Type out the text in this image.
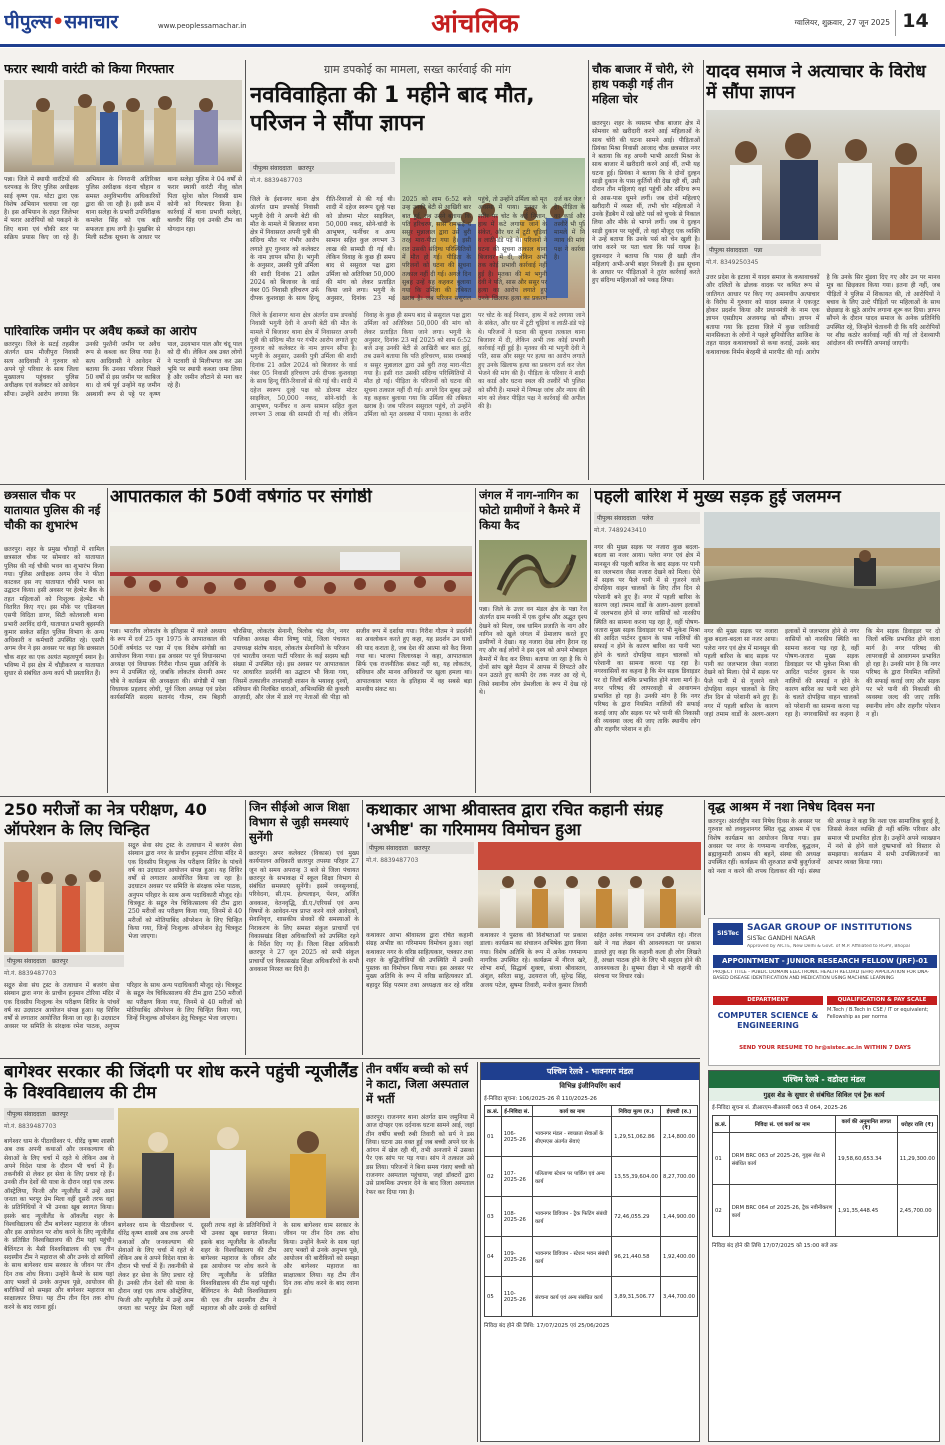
पीपुल्स•समाचार	www.peoplessamachar.in	आंचलिक	ग्वालियर, शुक्रवार, 27 जून 2025 14
फरार स्थायी वारंटी को किया गिरफ्तार
पन्ना। जिले में स्थायी वारंटियों की धरपकड़ के लिए पुलिस अधीक्षक साई कृष्ण एस. थोटा द्वारा एक विशेष अभियान चलाया जा रहा है। इस अभियान के तहत जिलेभर में फरार आरोपियों को पकड़ने के लिए थाना एवं चौकी स्तर पर सक्रिय प्रयास किए जा रहे हैं। अभियान के निगरानी अतिरिक्त पुलिस अधीक्षक वंदना चौहान व समस्त अनुविभागीय अधिकारियों द्वारा की जा रही है। इसी क्रम में थाना सलेहा के प्रभारी उपनिरीक्षक कमलेश सिंह को एक बड़ी सफलता हाथ लगी है। मुखबिर से मिली सटीक सूचना के आधार पर थाना सलेहा पुलिस ने 04 वर्षों से फरार स्थायी वारंटी नीलू कोल पिता सुरेश कोल निवासी ग्राम कोनी को गिरफ्तार किया है। कार्रवाई में थाना प्रभारी सलेहा, बलवीर सिंह एवं उनकी टीम का योगदान रहा।
पारिवारिक जमीन पर अवैध कब्जे का आरोप
छतरपुर। जिले के सटई तहसील अंतर्गत ग्राम मौजीपुरा निवासी सत्य आदिवासी ने गुरुवार को अपने पूरे परिवार के साथ जिला मुख्यालय पहुंचकर पुलिस अधीक्षक एवं कलेक्टर को आवेदन सौंपा। उन्होंने आरोप लगाया कि उनकी पुश्तैनी जमीन पर अवैध रूप से कब्जा कर लिया गया है। सत्य आदिवासी ने आवेदन में बताया कि उनका परिवार पिछले 50 वर्षों से इस जमीन पर काबिज था। दो वर्ष पूर्व उन्होंने यह जमीन अस्थायी रूप से पट्टे पर कृष्ण पाल, उदयभान पाल और चंदू पाल को दी थी। लेकिन अब उक्त लोगों ने पटवारी से मिलीभगत कर उस भूमि पर स्थायी कब्जा जमा लिया है और जमीन लौटाने से मना कर रहे हैं।
ग्राम डपकोई का मामला, सख्त कार्रवाई की मांग
नवविवाहिता की 1 महीने बाद मौत, परिजन ने सौंपा ज्ञापन
पीपुल्स संवाददाता छतरपुर
मो.नं. 8839487703
जिले के ईशानगर थाना क्षेत्र अंतर्गत ग्राम डपकोई निवासी भगुनी देवी ने अपनी बेटी की मौत के मामले में बिजावर थाना क्षेत्र में निवासरत अपनी पुत्री की संदिग्ध मौत पर गंभीर आरोप लगाते हुए गुरुवार को कलेक्टर के नाम ज्ञापन सौंपा है। भगुनी के अनुसार, उसकी पुत्री उर्मिला की शादी दिनांक 21 अप्रैल 2024 को बिजावर के वार्ड नंबर 05 निवासी हरिचरण उर्फ दीपक कुशवाहा के साथ हिन्दू रीति-रिवाजों से की गई थी। शादी में दहेज स्वरूप दूल्हे पक्ष को डोलमा मोटर साइकिल, 50,000 नकद, सोने-चांदी के आभूषण, फर्नीचर व अन्य सामान सहित कुल लगभग 3 लाख की सामग्री दी गई थी। लेकिन विवाह के कुछ ही समय बाद से ससुराल पक्ष द्वारा उर्मिला को अतिरिक्त 50,000 की मांग को लेकर प्रताड़ित किया जाने लगा। भगुनी के अनुसार, दिनांक 23 मई
जिले के ईशानगर थाना क्षेत्र अंतर्गत ग्राम डपकोई निवासी भगुनी देवी ने अपनी बेटी की मौत के मामले में बिजावर थाना क्षेत्र में निवासरत अपनी पुत्री की संदिग्ध मौत पर गंभीर आरोप लगाते हुए गुरुवार को कलेक्टर के नाम ज्ञापन सौंपा है। भगुनी के अनुसार, उसकी पुत्री उर्मिला की शादी दिनांक 21 अप्रैल 2024 को बिजावर के वार्ड नंबर 05 निवासी हरिचरण उर्फ दीपक कुशवाहा के साथ हिन्दू रीति-रिवाजों से की गई थी। शादी में दहेज स्वरूप दूल्हे पक्ष को डोलमा मोटर साइकिल, 50,000 नकद, सोने-चांदी के आभूषण, फर्नीचर व अन्य सामान सहित कुल लगभग 3 लाख की सामग्री दी गई थी। लेकिन विवाह के कुछ ही समय बाद से ससुराल पक्ष द्वारा उर्मिला को अतिरिक्त 50,000 की मांग को लेकर प्रताड़ित किया जाने लगा। भगुनी के अनुसार, दिनांक 23 मई 2025 को शाम 6:52 बजे उन्ह उनकी बेटी से आखिरी बार बात हुई, तब उसने बताया कि पति हरिचरण, सास रामबाई व ससुर मुन्नालाल द्वारा उसे बुरी तरह मारा-पीटा गया है। इसी रात उसकी संदिग्ध परिस्थितियों में मौत हो गई। पीड़िता के परिजनों को घटना की सूचना तत्काल नहीं दी गई। अगले दिन सुबह उन्हें यह कहकर बुलाया गया कि उर्मिला की तबियत खराब है। जब परिजन ससुराल पहुंचे, तो उन्होंने उर्मिला को मृत अवस्था में पाया। मृतका के शरीर पर चोट के कई निशान, हाथ में कटे लगाया जाने के संकेत, और घर में टूटी चूड़ियां व लाठी-डंडे पड़े थे। परिजनों ने घटना की सूचना तत्काल थाना बिजावर में दी, लेकिन अभी तक कोई प्रभावी कार्रवाई नहीं हुई है। मृतका की मां भगुनी देवी ने पति, सास और ससुर पर हत्या का आरोप लगाते हुए उनके खिलाफ हत्या का प्रकरण दर्ज कर जेल भेजने की मांग की है। पीड़िता के परिवार ने शादी का कार्ड और घटना स्थल की तस्वीरें भी पुलिस को सौंपी हैं। मामले में निष्पक्ष जांच और न्याय की मांग को लेकर पीड़ित पक्ष ने कार्रवाई की अपील की है।
चौक बाजार में चोरी, रंगे हाथ पकड़ी गई तीन महिला चोर
छतरपुर। शहर के व्यस्तम चौक बाजार क्षेत्र में सोमवार को खरीदारी करने आई महिलाओं के साथ चोरी की घटना सामने आई। पीड़िताओं प्रियंका मिश्रा निवासी आजाद चौक छत्रसाल नगर ने बताया कि वह अपनी भाभी आरती मिश्रा के साथ बाजार में खरीदारी करने आई थीं, तभी यह घटना हुई। प्रियंका ने बताया कि वे दोनों दुल्हन साड़ी दुकान के पास कुर्तियों की देख रही थीं, उसी दौरान तीन महिलाएं वहां पहुंचीं और संदिग्ध रूप से आस-पास घूमने लगीं। जब दोनों महिलाएं खरीदारी में व्यस्त थीं, तभी चोर महिलाओं ने उनके हैंडबैग में रखे छोटे पर्स को चुपके से निकाल लिया और मौके से भागने लगीं। जब ये दुल्हन साड़ी दुकान पर पहुंचीं, तो वहां मौजूद एक व्यक्ति ने उन्हें बताया कि उनके पर्स को चेन खुली है। जांच करने पर पता चला कि पर्स गायब है। दुकानदार ने बताया कि पास ही खड़ी तीन महिलाएं अभी-अभी बाहर निकली हैं। इस सूचना के आधार पर पीड़िताओं ने तुरंत कार्रवाई करते हुए संदिग्ध महिलाओं को पकड़ लिया।
यादव समाज ने अत्याचार के विरोध में सौंपा ज्ञापन
पीपुल्स संवाददाता पन्ना
मो.नं. 8349250345
उत्तर प्रदेश के इटावा में यादव समाज के कथावाचकों और दलितों के ढोलक वादक पर कथित रूप से जातिगत आधार पर किए गए अमानवीय अत्याचार के विरोध में गुरुवार को यादव समाज ने एकजुट होकर प्रदर्शन किया और प्रधानमंत्री के नाम एक ज्ञापन एसडीएम अजयगढ़ को सौंपा। ज्ञापन में बताया गया कि इटावा जिले में कुछ जातिवादी मानसिकता के लोगों ने पहले सुनियोजित साजिश के तहत यादव कथावाचकों से कथा कराई, उसके बाद कथावाचक निर्मम बेरहमी से मारपीट की गई। आरोप है कि उनके सिर मुंडवा दिए गए और उन पर मानव मूत्र का छिड़काव किया गया। इतना ही नहीं, जब पीड़ितों ने पुलिस में शिकायत की, तो आरोपियों ने बचाव के लिए उल्टे पीड़ितों पर महिलाओं के साथ छेड़छाड़ के झूठे आरोप लगाना शुरू कर दिया। ज्ञापन सौंपने के दौरान यादव समाज के अनेक प्रतिनिधि उपस्थित रहे, जिन्होंने चेतावनी दी कि यदि आरोपियों पर शीघ्र कठोर कार्रवाई नहीं की गई तो देशव्यापी आंदोलन की रणनीति अपनाई जाएगी।
छत्रसाल चौक पर यातायात पुलिस की नई चौकी का शुभारंभ
छतरपुर। शहर के प्रमुख चौराहों में शामिल छत्रसाल चौक पर सोमवार को यातायात पुलिस की नई चौकी भवन का शुभारंभ किया गया। पुलिस अधीक्षक अगम जैन ने फीता काटकर इस नए यातायात चौकी भवन का उद्घाटन किया। इसी अवसर पर हेल्मेट बैंक के तहत महिलाओं को निःशुल्क हेल्मेट भी वितरित किए गए। इस मौके पर एडिशनल एसपी विदिता डागर, सिटी कोतवाली थाना प्रभारी अरविंद दांगी, यातायात प्रभारी बृहस्पति कुमार साकेत सहित पुलिस विभाग के अन्य अधिकारी व कर्मचारी उपस्थित रहे। एसपी अगम जैन ने इस अवसर पर कहा कि छत्रसाल चौक शहर का एक अत्यंत महत्वपूर्ण स्थान है। भविष्य में इस क्षेत्र में चौड़ीकरण व यातायात सुधार से संबंधित अन्य कार्य भी प्रस्तावित हैं।
आपातकाल की 50वीं वर्षगांठ पर संगोष्ठी
पन्ना। भारतीय लोकतंत्र के इतिहास में काले अध्याय के रूप में दर्ज 25 जून 1975 के आपातकाल की 50वीं वर्षगांठ पर पन्ना में एक विशेष संगोष्ठी का आयोजन किया गया। इस अवसर पर पूर्व विधानसभा अध्यक्ष एवं विधायक गिरीश गौतम मुख्य अतिथि के रूप में उपस्थित रहे, जबकि लोकतंत्र सेनानी अमर चौबे ने कार्यक्रम की अध्यक्षता की। संगोष्ठी में पन्ना विधायक प्रहलाद लोधी, पूर्व जिला अध्यक्ष एवं प्रदेश कार्यसमिति सदस्य सतानंद गौतम, राम बिहारी चौरसिया, लोकतंत्र सेनानी, त्रिलोक चंद्र जैन, नगर पालिका अध्यक्ष मीना विष्णु पांडे, जिला पंचायत उपाध्यक्ष संतोष यादव, लोकतंत्र सेनानियों के परिजन एवं भारतीय जनता पार्टी परिवार के कई सदस्य बड़ी संख्या में उपस्थित रहे। इस अवसर पर आपातकाल पर आधारित प्रदर्शनी का उद्घाटन भी किया गया, जिसमें तत्कालीन तानाशाही शासन के भयावह दृश्यों, संविधान की निलंबित धाराओं, अभिव्यक्ति की कुचली आज़ादी, और जेल में डाले गए नेताओं की पीड़ा को सजीव रूप में दर्शाया गया। गिरीश गौतम ने प्रदर्शनी का अवलोकन करते हुए कहा, यह प्रदर्शन उन घावों की याद कराता है, जब देश की आत्मा को कैद किया गया था। भाजपा जिलाध्यक्ष ने कहा, आपातकाल सिर्फ एक राजनीतिक संकट नहीं था, यह लोकतंत्र, संविधान और मानव अधिकारों पर खुला हमला था। आपातकाल भारत के इतिहास में वह सबसे बड़ा मानवीय संकट था।
जंगल में नाग-नागिन का फोटो ग्रामीणों ने कैमरे में किया कैद
पन्ना। जिले के उत्तर वन मंडल क्षेत्र के पन्ना रेंज अंतर्गत ग्राम मनकी में एक दुर्लभ और अद्भुत दृश्य देखने को मिला, जब धामिन प्रजाति के नाग और नागिन को खुले जंगल में प्रेमालाप करते हुए ग्रामीणों ने देखा। यह नजारा देख लोग हैरान रह गए और कई लोगों ने इस दृश्य को अपने मोबाइल कैमरों में कैद कर लिया। बताया जा रहा है कि ये दोनों सांप खुले मैदान में आपस में लिपटते और फन उठाते हुए काफी देर तक नजर आ रहे थे, जिसे स्थानीय लोग प्रेमलीला के रूप में देख रहे थे।
पहली बारिश में मुख्य सड़क हुई जलमग्न
पीपुल्स संवाददाता पलेरा
मो.नं. 7489243410
नगर की मुख्य सड़क पर नजारा कुछ बदला-बदला सा नजर आया। पलेरा नगर एवं क्षेत्र में मानसून की पहली बारिश के बाद सड़क पर पानी का जलभराव जैसा नजारा देखने को मिला। ऐसे में सड़क पर फैले पानी में से गुजरने वाले दोपहिया वाहन चालकों के लिए तीन दिन से परेशानी बने हुए हैं। नगर में पहली बारिश के कारण जहां तमाम वार्डों के अलग-अलग इलाकों में जलभराव होने से नगर वासियों को नारकीय स्थिति का सामना करना पड़ रहा है, वहीं पोषण-जतारा मुख्य सड़क डिवाइडर पर भी मुकेश मिश्रा की आदित पार्टनर दुकान के पास नालियों की सफाई न होने के कारण बारिश का पानी भरा होने के चलते दोपहिया वाहन चालकों को परेशानी का सामना करना पड़ रहा है। नगरवासियों का कहना है कि मेन सड़क डिवाइडर पर दो जिलों बल्कि प्रभावित होने वाला मार्ग है। नगर परिषद की लापरवाही से आवागमन प्रभावित हो रहा है। उनकी मांग है कि नगर परिषद के द्वारा नियमित नालियों की सफाई कराई जाए और सड़क पर भरे पानी की निकासी की व्यवस्था जल्द की जाए ताकि स्थानीय लोग और राहगीर परेशान न हों।
नगर की मुख्य सड़क पर नजारा कुछ बदला-बदला सा नजर आया। पलेरा नगर एवं क्षेत्र में मानसून की पहली बारिश के बाद सड़क पर पानी का जलभराव जैसा नजारा देखने को मिला। ऐसे में सड़क पर फैले पानी में से गुजरने वाले दोपहिया वाहन चालकों के लिए तीन दिन से परेशानी बने हुए हैं। नगर में पहली बारिश के कारण जहां तमाम वार्डों के अलग-अलग इलाकों में जलभराव होने से नगर वासियों को नारकीय स्थिति का सामना करना पड़ रहा है, वहीं पोषण-जतारा मुख्य सड़क डिवाइडर पर भी मुकेश मिश्रा की आदित पार्टनर दुकान के पास नालियों की सफाई न होने के कारण बारिश का पानी भरा होने के चलते दोपहिया वाहन चालकों को परेशानी का सामना करना पड़ रहा है। नगरवासियों का कहना है कि मेन सड़क डिवाइडर पर दो जिलों बल्कि प्रभावित होने वाला मार्ग है। नगर परिषद की लापरवाही से आवागमन प्रभावित हो रहा है। उनकी मांग है कि नगर परिषद के द्वारा नियमित नालियों की सफाई कराई जाए और सड़क पर भरे पानी की निकासी की व्यवस्था जल्द की जाए ताकि स्थानीय लोग और राहगीर परेशान न हों।
250 मरीजों का नेत्र परीक्षण, 40 ऑपरेशन के लिए चिन्हित
पीपुल्स संवाददाता छतरपुर
मो.नं. 8839487703
सद्गुरु सेवा संघ ट्रस्ट के तत्वाधान में बजरंग सेवा संस्थान द्वारा नगर के प्राचीन हनुमान टोरिया मंदिर में एक दिवसीय निःशुल्क नेत्र परीक्षण शिविर के पांचवें वर्ष का उदघाटन आयोजन संपन्न हुआ। यह शिविर वर्षों से लगातार आयोजित किया जा रहा है। उदघाटन अवसर पर समिति के संरक्षक रमेश पाठक, अनुपम परिहार के साथ अन्य पदाधिकारी मौजूद रहे। चित्रकूट के सद्गुरु नेत्र चिकित्सालय की टीम द्वारा 250 मरीजों का परीक्षण किया गया, जिनमें से 40 मरीजों को मोतियाबिंद ऑपरेशन के लिए चिन्हित किया गया, जिन्हें निःशुल्क ऑपरेशन हेतु चित्रकूट भेजा जाएगा।
सद्गुरु सेवा संघ ट्रस्ट के तत्वाधान में बजरंग सेवा संस्थान द्वारा नगर के प्राचीन हनुमान टोरिया मंदिर में एक दिवसीय निःशुल्क नेत्र परीक्षण शिविर के पांचवें वर्ष का उदघाटन आयोजन संपन्न हुआ। यह शिविर वर्षों से लगातार आयोजित किया जा रहा है। उदघाटन अवसर पर समिति के संरक्षक रमेश पाठक, अनुपम परिहार के साथ अन्य पदाधिकारी मौजूद रहे। चित्रकूट के सद्गुरु नेत्र चिकित्सालय की टीम द्वारा 250 मरीजों का परीक्षण किया गया, जिनमें से 40 मरीजों को मोतियाबिंद ऑपरेशन के लिए चिन्हित किया गया, जिन्हें निःशुल्क ऑपरेशन हेतु चित्रकूट भेजा जाएगा।
जिन सीईओ आज शिक्षा विभाग से जुड़ी समस्याएं सुनेंगी
छतरपुर। अपर कलेक्टर (विकास) एवं मुख्य कार्यपालन अधिकारी छतरपुर तपस्या परिहार 27 जून को समय अपरान्ह 3 बजे से जिला पंचायत छतरपुर के सभाकक्ष में स्कूल शिक्षा विभाग से संबंधित समस्याएं सुनेंगी। इसमें जनसुनवाई, परिवेदना, सी.एम. हेल्पलाइन, पेंशन, अर्जित अवकाश, वेतनवृद्धि, डी.ए./एरियर्स एवं अन्य विषयों के आवेदन-पत्र प्राप्त करने वाले आवेदकों, सेवानिवृत्त, शासकीय सेवकों की समस्याओं के निराकरण के लिए समस्त संकुल प्राचार्यों एवं विकासखंड शिक्षा अधिकारियों को उपस्थित रहने के निर्देश दिए गए हैं। जिला शिक्षा अधिकारी छतरपुर ने 27 जून 2025 को सभी संकुल प्राचार्यों एवं विकासखंड शिक्षा अधिकारियों के सभी अवकाश निरस्त कर दिये हैं।
कथाकार आभा श्रीवास्तव द्वारा रचित कहानी संग्रह 'अभीष्ट' का गरिमामय विमोचन हुआ
पीपुल्स संवाददाता छतरपुर
मो.नं. 8839487703
कथाकार आभा श्रीवास्तव द्वारा रचित कहानी संग्रह अभीष्ट का गरिमामय विमोचन हुआ। जहां कथाकार नगर के वरिष्ठ साहित्यकार, पत्रकार तथा शहर के बुद्धिजीवियों की उपस्थिति में उनकी पुस्तक का विमोचन किया गया। इस अवसर पर मुख्य अतिथि के रूप में वरिष्ठ साहित्यकार डॉ. बहादुर सिंह परमार तथा अध्यक्षता कर रहे वरिष्ठ कथाकार ने पुस्तक की विशेषताओं पर प्रकाश डाला। कार्यक्रम का संचालन अभिषेक द्वारा किया गया। विशेष अतिथि के रूप में अनेक गणमान्य नागरिक उपस्थित रहे। कार्यक्रम में नीरज खरे, शोभा शर्मा, सिद्धार्थ शुक्ला, संध्या श्रीवास्तव, अंशुल, सरिता साहू, उदयराज जी, सुरेन्द्र सिंह, अजय पटेल, सुषमा तिवारी, मनोज कुमार तिवारी सहित अनेक गणमान्य जन उपस्थित रहे। नीरज खरे ने गद्य लेखन की आवश्यकता पर प्रकाश डालते हुए कहा कि कहानी कला ही लोग लिखते हैं, अच्छा पाठक होने के लिए भी सहृदय होने की आवश्यकता है। सुषमा दीक्षा ने भी कहानी की संरचना पर विचार रखे।
वृद्ध आश्रम में नशा निषेध दिवस मना
छतरपुर। अंतर्राष्ट्रीय नशा निषेध दिवस के अवसर पर गुरुवार को लवकुशनगर स्थित वृद्ध आश्रम में एक विशेष कार्यक्रम का आयोजन किया गया। इस अवसर पर नगर के गणमान्य नागरिक, बुद्धजन, ब्रह्माकुमारी आश्रम की बहनें, संस्था की अध्यक्ष उपस्थित रहीं। कार्यक्रम की शुरुआत सभी बुजुर्गजनों को नशा न करने की शपथ दिलाकर की गई। संस्था की अध्यक्ष ने कहा कि नशा एक सामाजिक बुराई है, जिससे केवल व्यक्ति ही नहीं बल्कि परिवार और समाज भी प्रभावित होता है। उन्होंने अपने व्याख्यान में नशे से होने वाले दुष्प्रभावों को विस्तार से समझाया। कार्यक्रम में सभी उपस्थितजनों का आभार व्यक्त किया गया।
SISTec
SAGAR GROUP OF INSTITUTIONS
SISTec GANDHI NAGAR
Approved by AICTE, New Delhi & Govt. of M.P. Affiliated to RGPV, Bhopal
APPOINTMENT - JUNIOR RESEARCH FELLOW (JRF)-01
PROJECT TITLE - PUBLIC DOMAIN ELECTRONIC HEALTH RECORD (EHR) APPLICATION FOR DNA-BASED DISEASE IDENTIFICATION AND MEDICATION USING MACHINE LEARNING
DEPARTMENT	QUALIFICATION & PAY SCALE
COMPUTER SCIENCE & ENGINEERING
M.Tech / B.Tech in CSE / IT or equivalent; Fellowship as per norms
SEND YOUR RESUME TO hr@sistec.ac.in WITHIN 7 DAYS
बागेश्वर सरकार की जिंदगी पर शोध करने पहुंची न्यूजीलैंड के विश्वविद्यालय की टीम
पीपुल्स संवाददाता छतरपुर
मो.नं. 8839487703
बागेश्वर धाम के पीठाधीश्वर पं. धीरेंद्र कृष्ण शास्त्री अब तक अपनी कथाओं और जनकल्याण की सेवाओं के लिए चर्चा में रहते थे लेकिन अब वे अपने विदेश यात्रा के दौरान भी चर्चा में हैं। तकनीकी से लेकर हर सेवा के लिए प्रचार रहे हैं। उनकी तीन देशों की यात्रा के दौरान जहां एक तरफ ऑस्ट्रेलिया, फिजी और न्यूजीलैंड में उन्हें आम जनता का भरपूर प्रेम मिला वहीं दूसरी तरफ वहां के प्रतिनिधियों ने भी उनका खूब स्वागत किया। इसके बाद न्यूजीलैंड के ऑकलैंड शहर के विश्वविद्यालय की टीम बागेश्वर महाराज के जीवन और इस आयोजन पर शोध करने के लिए न्यूजीलैंड के प्रतिष्ठित विश्वविद्यालय की टीम यहां पहुंची। बैलिंगटन के मैसी विश्वविद्यालय की एक तीन सदस्यीय टीम ने महाराज श्री और उनके दो साथियों के साथ बागेश्वर धाम सरकार के जीवन पर तीन दिन तक शोध किया। उन्होंने कैमरे के साथ यहां आए भक्तों से उनके अनुभव पूछे, आयोजन की बारीकियों को समझा और बागेश्वर महाराज का साक्षात्कार लिया। यह टीम तीन दिन तक शोध करने के बाद रवाना हुई।
बागेश्वर धाम के पीठाधीश्वर पं. धीरेंद्र कृष्ण शास्त्री अब तक अपनी कथाओं और जनकल्याण की सेवाओं के लिए चर्चा में रहते थे लेकिन अब वे अपने विदेश यात्रा के दौरान भी चर्चा में हैं। तकनीकी से लेकर हर सेवा के लिए प्रचार रहे हैं। उनकी तीन देशों की यात्रा के दौरान जहां एक तरफ ऑस्ट्रेलिया, फिजी और न्यूजीलैंड में उन्हें आम जनता का भरपूर प्रेम मिला वहीं दूसरी तरफ वहां के प्रतिनिधियों ने भी उनका खूब स्वागत किया। इसके बाद न्यूजीलैंड के ऑकलैंड शहर के विश्वविद्यालय की टीम बागेश्वर महाराज के जीवन और इस आयोजन पर शोध करने के लिए न्यूजीलैंड के प्रतिष्ठित विश्वविद्यालय की टीम यहां पहुंची। बैलिंगटन के मैसी विश्वविद्यालय की एक तीन सदस्यीय टीम ने महाराज श्री और उनके दो साथियों के साथ बागेश्वर धाम सरकार के जीवन पर तीन दिन तक शोध किया। उन्होंने कैमरे के साथ यहां आए भक्तों से उनके अनुभव पूछे, आयोजन की बारीकियों को समझा और बागेश्वर महाराज का साक्षात्कार लिया। यह टीम तीन दिन तक शोध करने के बाद रवाना हुई।
तीन वर्षीय बच्ची को सर्प ने काटा, जिला अस्पताल में भर्ती
छतरपुर। राजनगर थाना अंतर्गत ग्राम जमुनिया में आज दोपहर एक दर्दनाक घटना सामने आई, जहां तीन वर्षीय बच्ची रुबी तिवारी को सर्प ने डस लिया। घटना उस वक्त हुई जब बच्ची अपने घर के आंगन में खेल रही थी, तभी अनजाने में उसका पैर एक सांप पर पड़ गया। सांप ने तत्काल उसे डस लिया। परिजनों ने बिना समय गंवाए बच्ची को राजनगर अस्पताल पहुंचाया, जहां डॉक्टरों द्वारा उसे प्राथमिक उपचार देने के बाद जिला अस्पताल रेफर कर दिया गया है।
पश्चिम रेलवे - भावनगर मंडल
विभिन्न इंजीनियरिंग कार्य
ई-निविदा सूचना: 106/2025-26 से 110/2025-26
क्र.सं.	ई-निविदा सं.	कार्य का नाम	निविदा मूल्य (रु.)	ईएमडी (रु.)
01	106-2025-26	भावनगर मंडल - स्वच्छता सेवाओं के सीएमएस अंतर्गत सेवाएं	1,29,51,062.86	2,14,800.00
02	107-2025-26	पलिताणा स्टेशन पर पार्किंग एवं अन्य कार्य	13,55,39,604.00	8,27,700.00
03	108-2025-26	भावनगर डिविजन - ट्रैक फिटिंग संबंधी कार्य	72,46,055.29	1,44,900.00
04	109-2025-26	भावनगर डिविजन - स्टेशन भवन संबंधी कार्य	96,21,440.58	1,92,400.00
05	110-2025-26	संरचना कार्य एवं अन्य संबंधित कार्य	3,89,31,506.77	3,44,700.00
निविदा बंद होने की तिथि: 17/07/2025 एवं 25/06/2025
पश्चिम रेलवे - वडोदरा मंडल
गुड्स शेड के सुधार से संबंधित सिविल एवं ट्रैक कार्य
ई-निविदा सूचना सं. डीआरएम-बीआरसी 063 से 064, 2025-26
क्र.सं.	निविदा सं. एवं कार्य का नाम	कार्य की अनुमानित लागत (₹)	धरोहर राशि (₹)
01	DRM BRC 063 of 2025-26, गुड्स शेड से संबंधित कार्य	19,58,60,653.34	11,29,300.00
02	DRM BRC 064 of 2025-26, ट्रैक नवीनीकरण कार्य	1,91,35,448.45	2,45,700.00
निविदा बंद होने की तिथि 17/07/2025 को 15:00 बजे तक
